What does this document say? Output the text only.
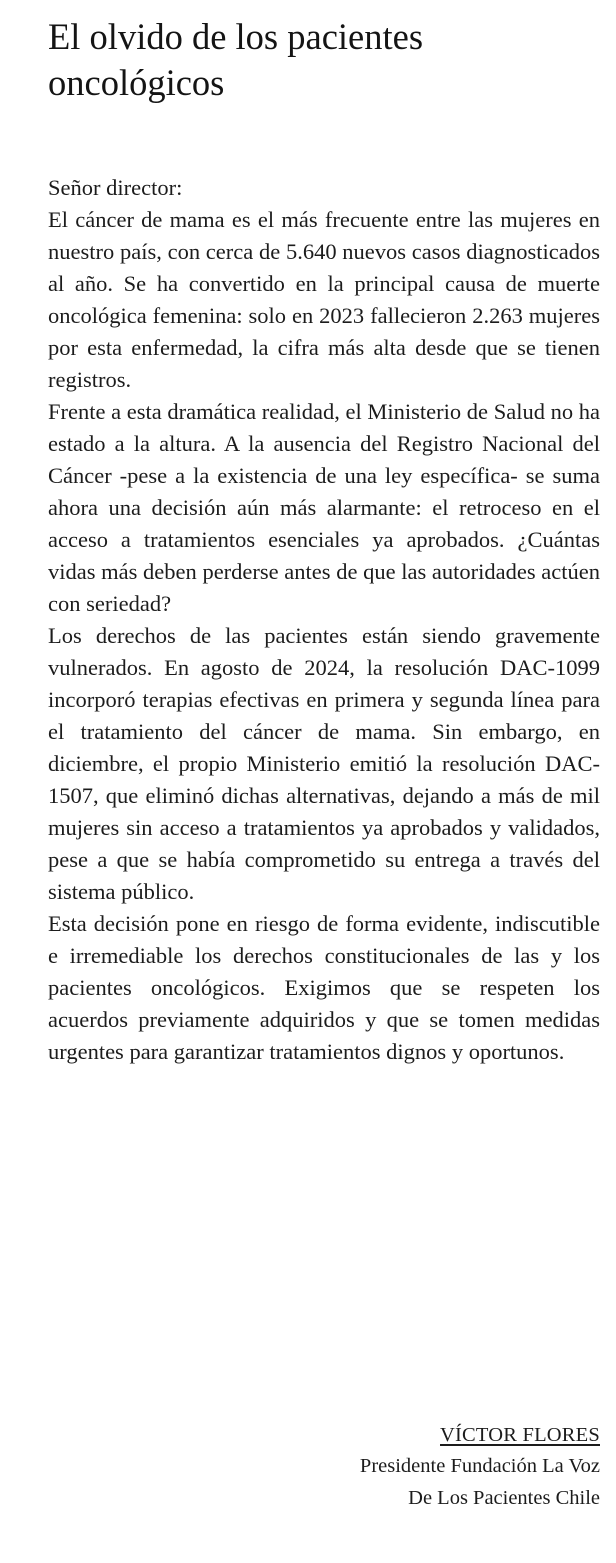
El olvido de los pacientes oncológicos

Señor director:

El cáncer de mama es el más frecuente entre las mujeres en nuestro país, con cerca de 5.640 nuevos casos diagnosticados al año. Se ha convertido en la principal causa de muerte oncológica femenina: solo en 2023 fallecieron 2.263 mujeres por esta enfermedad, la cifra más alta desde que se tienen registros.

Frente a esta dramática realidad, el Ministerio de Salud no ha estado a la altura. A la ausencia del Registro Nacional del Cáncer -pese a la existencia de una ley específica- se suma ahora una decisión aún más alarmante: el retroceso en el acceso a tratamientos esenciales ya aprobados. ¿Cuántas vidas más deben perderse antes de que las autoridades actúen con seriedad?

Los derechos de las pacientes están siendo gravemente vulnerados. En agosto de 2024, la resolución DAC-1099 incorporó terapias efectivas en primera y segunda línea para el tratamiento del cáncer de mama. Sin embargo, en diciembre, el propio Ministerio emitió la resolución DAC-1507, que eliminó dichas alternativas, dejando a más de mil mujeres sin acceso a tratamientos ya aprobados y validados, pese a que se había comprometido su entrega a través del sistema público.

Esta decisión pone en riesgo de forma evidente, indiscutible e irremediable los derechos constitucionales de las y los pacientes oncológicos. Exigimos que se respeten los acuerdos previamente adquiridos y que se tomen medidas urgentes para garantizar tratamientos dignos y oportunos.

VÍCTOR FLORES
Presidente Fundación La Voz
De Los Pacientes Chile
